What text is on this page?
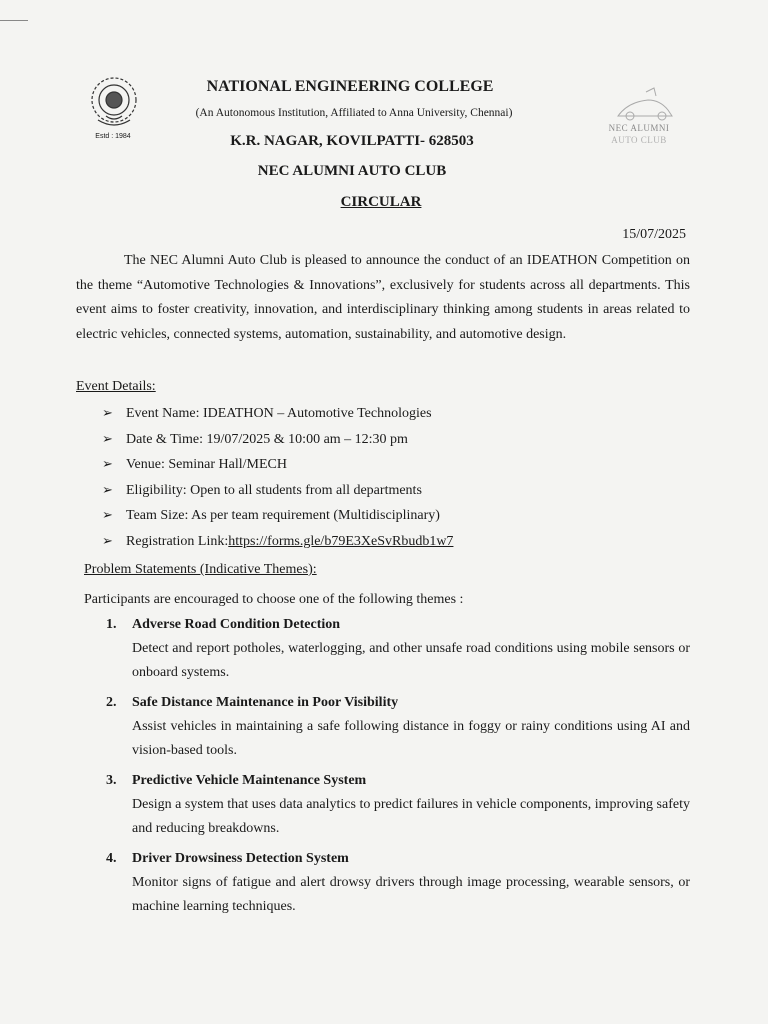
Estd : 1984
NEC ALUMNI
AUTO CLUB
NATIONAL ENGINEERING COLLEGE
(An Autonomous Institution, Affiliated to Anna University, Chennai)
K.R. NAGAR, KOVILPATTI- 628503
NEC ALUMNI AUTO CLUB
CIRCULAR
15/07/2025
The NEC Alumni Auto Club is pleased to announce the conduct of an IDEATHON Competition on the theme “Automotive Technologies & Innovations”, exclusively for students across all departments. This event aims to foster creativity, innovation, and interdisciplinary thinking among students in areas related to electric vehicles, connected systems, automation, sustainability, and automotive design.
Event Details:
➢ Event Name: IDEATHON – Automotive Technologies
➢ Date & Time: 19/07/2025 & 10:00 am – 12:30 pm
➢ Venue: Seminar Hall/MECH
➢ Eligibility: Open to all students from all departments
➢ Team Size: As per team requirement (Multidisciplinary)
➢ Registration Link: https://forms.gle/b79E3XeSvRbudb1w7
Problem Statements (Indicative Themes):
Participants are encouraged to choose one of the following themes :
1.	Adverse Road Condition Detection
Detect and report potholes, waterlogging, and other unsafe road conditions using mobile sensors or onboard systems.
2.	Safe Distance Maintenance in Poor Visibility
Assist vehicles in maintaining a safe following distance in foggy or rainy conditions using AI and vision-based tools.
3.	Predictive Vehicle Maintenance System
Design a system that uses data analytics to predict failures in vehicle components, improving safety and reducing breakdowns.
4.	Driver Drowsiness Detection System
Monitor signs of fatigue and alert drowsy drivers through image processing, wearable sensors, or machine learning techniques.
